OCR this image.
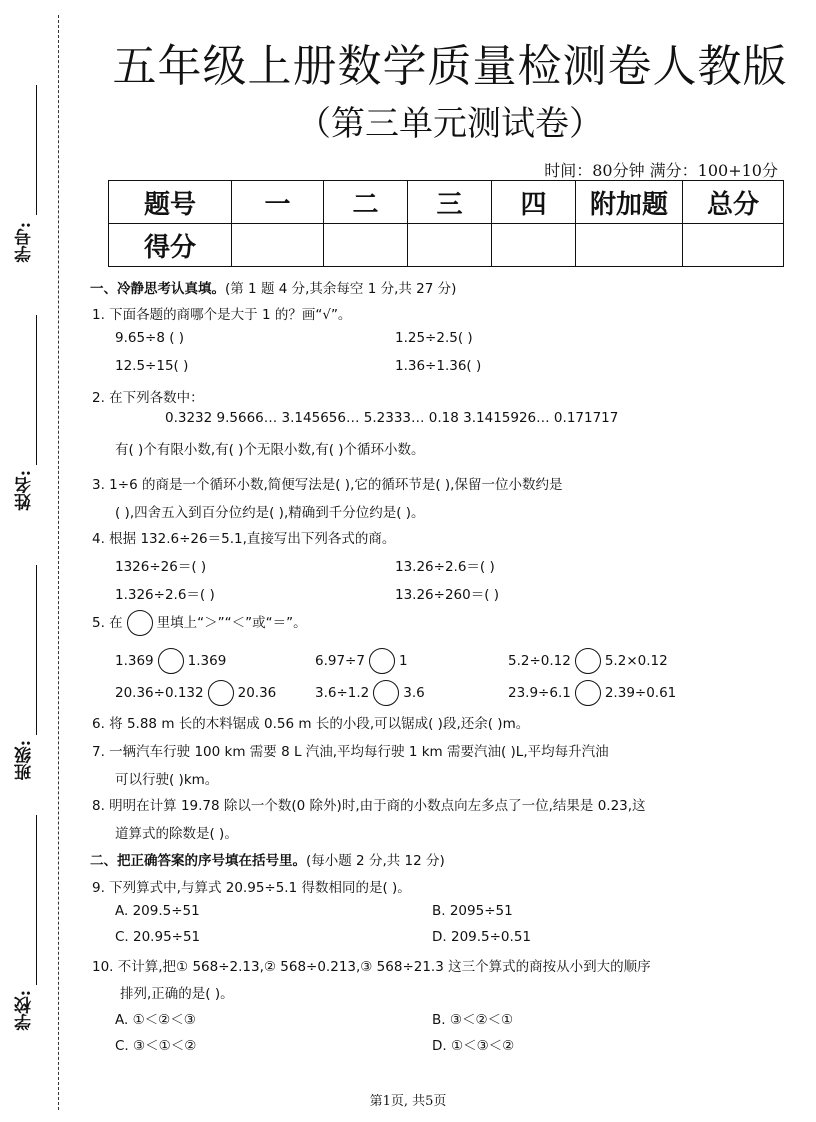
学号:
姓名:
班级:
学校:
五年级上册数学质量检测卷人教版
（第三单元测试卷）
时间：80分钟 满分：100+10分
题号	一	二	三	四	附加题	总分
得分						
一、冷静思考认真填。(第 1 题 4 分,其余每空 1 分,共 27 分)
1. 下面各题的商哪个是大于 1 的？画“√”。
9.65÷8 ( )	1.25÷2.5( )
12.5÷15( )	1.36÷1.36( )
2. 在下列各数中：
0.3232 9.5666… 3.145656… 5.2333… 0.18 3.1415926… 0.171717
有( )个有限小数,有( )个无限小数,有( )个循环小数。
3. 1÷6 的商是一个循环小数,简便写法是( ),它的循环节是( ),保留一位小数约是
( ),四舍五入到百分位约是( ),精确到千分位约是( )。
4. 根据 132.6÷26＝5.1,直接写出下列各式的商。
1326÷26＝( )	13.26÷2.6＝( )
1.326÷2.6＝( )	13.26÷260＝( )
5. 在	里填上“＞”“＜”或“＝”。
1.369	1.369	6.97÷7	1	5.2÷0.12	5.2×0.12
20.36÷0.132	20.36	3.6÷1.2	3.6	23.9÷6.1	2.39÷0.61
6. 将 5.88 m 长的木料锯成 0.56 m 长的小段,可以锯成( )段,还余( )m。
7. 一辆汽车行驶 100 km 需要 8 L 汽油,平均每行驶 1 km 需要汽油( )L,平均每升汽油
可以行驶( )km。
8. 明明在计算 19.78 除以一个数(0 除外)时,由于商的小数点向左多点了一位,结果是 0.23,这
道算式的除数是( )。
二、把正确答案的序号填在括号里。(每小题 2 分,共 12 分)
9. 下列算式中,与算式 20.95÷5.1 得数相同的是( )。
A. 209.5÷51	B. 2095÷51
C. 20.95÷51	D. 209.5÷0.51
10. 不计算,把① 568÷2.13,② 568÷0.213,③ 568÷21.3 这三个算式的商按从小到大的顺序
排列,正确的是( )。
A. ①＜②＜③	B. ③＜②＜①
C. ③＜①＜②	D. ①＜③＜②
第1页, 共5页
